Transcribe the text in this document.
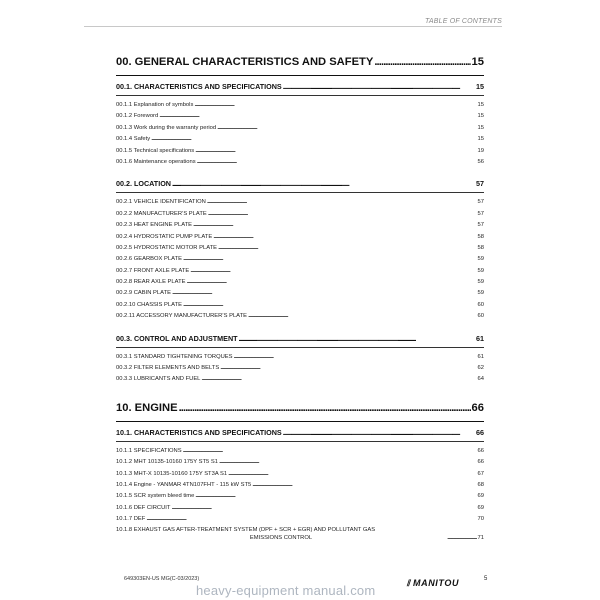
TABLE OF CONTENTS
00. GENERAL CHARACTERISTICS AND SAFETY . . .	15
00.1. CHARACTERISTICS AND SPECIFICATIONS . . .	15
00.1.1 Explanation of symbols . . .	15
00.1.2 Foreword . . .	15
00.1.3 Work during the warranty period . . .	15
00.1.4 Safety . . .	15
00.1.5 Technical specifications . . .	19
00.1.6 Maintenance operations . . .	56
00.2. LOCATION . . .	57
00.2.1 VEHICLE IDENTIFICATION . . .	57
00.2.2 MANUFACTURER’S PLATE . . .	57
00.2.3 HEAT ENGINE PLATE . . .	57
00.2.4 HYDROSTATIC PUMP PLATE . . .	58
00.2.5 HYDROSTATIC MOTOR PLATE . . .	58
00.2.6 GEARBOX PLATE . . .	59
00.2.7 FRONT AXLE PLATE . . .	59
00.2.8 REAR AXLE PLATE . . .	59
00.2.9 CABIN PLATE . . .	59
00.2.10 CHASSIS PLATE . . .	60
00.2.11 ACCESSORY MANUFACTURER’S PLATE . . .	60
00.3. CONTROL AND ADJUSTMENT . . .	61
00.3.1 STANDARD TIGHTENING TORQUES . . .	61
00.3.2 FILTER ELEMENTS AND BELTS . . .	62
00.3.3 LUBRICANTS AND FUEL . . .	64
10. ENGINE . . .	66
10.1. CHARACTERISTICS AND SPECIFICATIONS . . .	66
10.1.1 SPECIFICATIONS . . .	66
10.1.2 MHT 10135-10160 175Y ST5 S1 . . .	66
10.1.3 MHT-X 10135-10160 175Y ST3A S1 . . .	67
10.1.4 Engine - YANMAR 4TN107FHT - 115 kW ST5 . . .	68
10.1.5 SCR system bleed time . . .	69
10.1.6 DEF CIRCUIT . . .	69
10.1.7 DEF . . .	70
10.1.8 EXHAUST GAS AFTER-TREATMENT SYSTEM (DPF + SCR + EGR) AND POLLUTANT GAS
EMISSIONS CONTROL . . .	71
649303EN-US MG(C-03/2023)
heavy-equipment manual.com
⫽ MANITOU	5
